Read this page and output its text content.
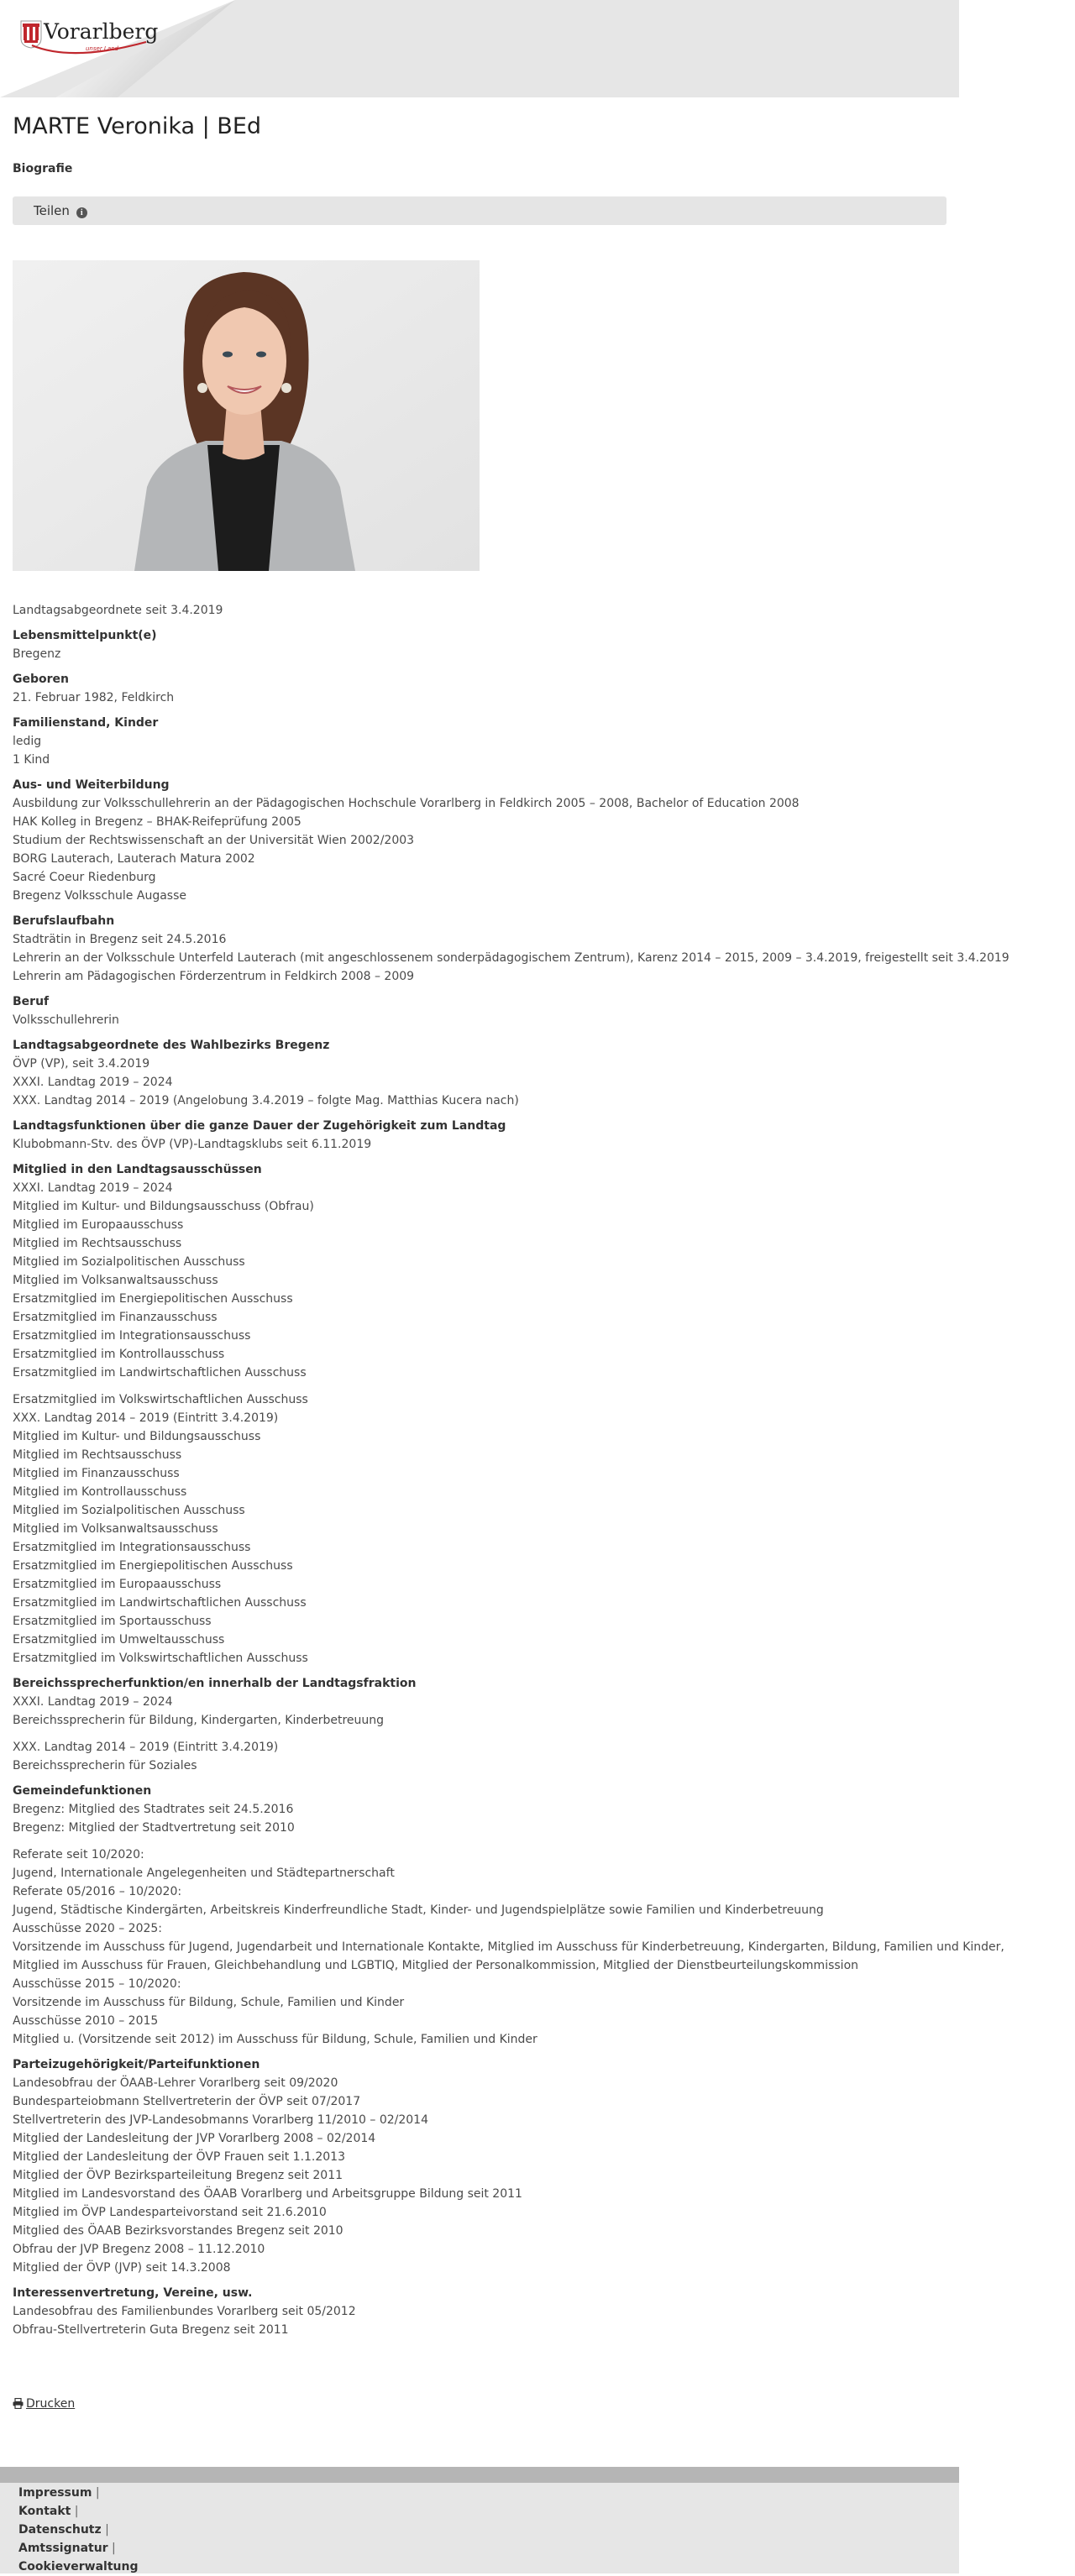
Vorarlberg
unser Land
MARTE Veronika | BEd
Biografie
Teilen i

Landtagsabgeordnete seit 3.4.2019

Lebensmittelpunkt(e)
Bregenz
Geboren
21. Februar 1982, Feldkirch
Familienstand, Kinder
ledig
1 Kind
Aus- und Weiterbildung
Ausbildung zur Volksschullehrerin an der Pädagogischen Hochschule Vorarlberg in Feldkirch 2005 – 2008, Bachelor of Education 2008
HAK Kolleg in Bregenz – BHAK-Reifeprüfung 2005
Studium der Rechtswissenschaft an der Universität Wien 2002/2003
BORG Lauterach, Lauterach Matura 2002
Sacré Coeur Riedenburg
Bregenz Volksschule Augasse
Berufslaufbahn
Stadträtin in Bregenz seit 24.5.2016
Lehrerin an der Volksschule Unterfeld Lauterach (mit angeschlossenem sonderpädagogischem Zentrum), Karenz 2014 – 2015, 2009 – 3.4.2019, freigestellt seit 3.4.2019
Lehrerin am Pädagogischen Förderzentrum in Feldkirch 2008 – 2009
Beruf
Volksschullehrerin
Landtagsabgeordnete des Wahlbezirks Bregenz
ÖVP (VP), seit 3.4.2019
XXXI. Landtag 2019 – 2024
XXX. Landtag 2014 – 2019 (Angelobung 3.4.2019 – folgte Mag. Matthias Kucera nach)
Landtagsfunktionen über die ganze Dauer der Zugehörigkeit zum Landtag
Klubobmann-Stv. des ÖVP (VP)-Landtagsklubs seit 6.11.2019
Mitglied in den Landtagsausschüssen
XXXI. Landtag 2019 – 2024
Mitglied im Kultur- und Bildungsausschuss (Obfrau)
Mitglied im Europaausschuss
Mitglied im Rechtsausschuss
Mitglied im Sozialpolitischen Ausschuss
Mitglied im Volksanwaltsausschuss
Ersatzmitglied im Energiepolitischen Ausschuss
Ersatzmitglied im Finanzausschuss
Ersatzmitglied im Integrationsausschuss
Ersatzmitglied im Kontrollausschuss
Ersatzmitglied im Landwirtschaftlichen Ausschuss
Ersatzmitglied im Volkswirtschaftlichen Ausschuss
XXX. Landtag 2014 – 2019 (Eintritt 3.4.2019)
Mitglied im Kultur- und Bildungsausschuss
Mitglied im Rechtsausschuss
Mitglied im Finanzausschuss
Mitglied im Kontrollausschuss
Mitglied im Sozialpolitischen Ausschuss
Mitglied im Volksanwaltsausschuss
Ersatzmitglied im Integrationsausschuss
Ersatzmitglied im Energiepolitischen Ausschuss
Ersatzmitglied im Europaausschuss
Ersatzmitglied im Landwirtschaftlichen Ausschuss
Ersatzmitglied im Sportausschuss
Ersatzmitglied im Umweltausschuss
Ersatzmitglied im Volkswirtschaftlichen Ausschuss
Bereichssprecherfunktion/en innerhalb der Landtagsfraktion
XXXI. Landtag 2019 – 2024
Bereichssprecherin für Bildung, Kindergarten, Kinderbetreuung
XXX. Landtag 2014 – 2019 (Eintritt 3.4.2019)
Bereichssprecherin für Soziales
Gemeindefunktionen
Bregenz: Mitglied des Stadtrates seit 24.5.2016
Bregenz: Mitglied der Stadtvertretung seit 2010
Referate seit 10/2020:
Jugend, Internationale Angelegenheiten und Städtepartnerschaft
Referate 05/2016 – 10/2020:
Jugend, Städtische Kindergärten, Arbeitskreis Kinderfreundliche Stadt, Kinder- und Jugendspielplätze sowie Familien und Kinderbetreuung
Ausschüsse 2020 – 2025:
Vorsitzende im Ausschuss für Jugend, Jugendarbeit und Internationale Kontakte, Mitglied im Ausschuss für Kinderbetreuung, Kindergarten, Bildung, Familien und Kinder,
Mitglied im Ausschuss für Frauen, Gleichbehandlung und LGBTIQ, Mitglied der Personalkommission, Mitglied der Dienstbeurteilungskommission
Ausschüsse 2015 – 10/2020:
Vorsitzende im Ausschuss für Bildung, Schule, Familien und Kinder
Ausschüsse 2010 – 2015
Mitglied u. (Vorsitzende seit 2012) im Ausschuss für Bildung, Schule, Familien und Kinder
Parteizugehörigkeit/Parteifunktionen
Landesobfrau der ÖAAB-Lehrer Vorarlberg seit 09/2020
Bundesparteiobmann Stellvertreterin der ÖVP seit 07/2017
Stellvertreterin des JVP-Landesobmanns Vorarlberg 11/2010 – 02/2014
Mitglied der Landesleitung der JVP Vorarlberg 2008 – 02/2014
Mitglied der Landesleitung der ÖVP Frauen seit 1.1.2013
Mitglied der ÖVP Bezirksparteileitung Bregenz seit 2011
Mitglied im Landesvorstand des ÖAAB Vorarlberg und Arbeitsgruppe Bildung seit 2011
Mitglied im ÖVP Landesparteivorstand seit 21.6.2010
Mitglied des ÖAAB Bezirksvorstandes Bregenz seit 2010
Obfrau der JVP Bregenz 2008 – 11.12.2010
Mitglied der ÖVP (JVP) seit 14.3.2008
Interessenvertretung, Vereine, usw.
Landesobfrau des Familienbundes Vorarlberg seit 05/2012
Obfrau-Stellvertreterin Guta Bregenz seit 2011
Drucken
Impressum |
Kontakt |
Datenschutz |
Amtssignatur |
Cookieverwaltung
